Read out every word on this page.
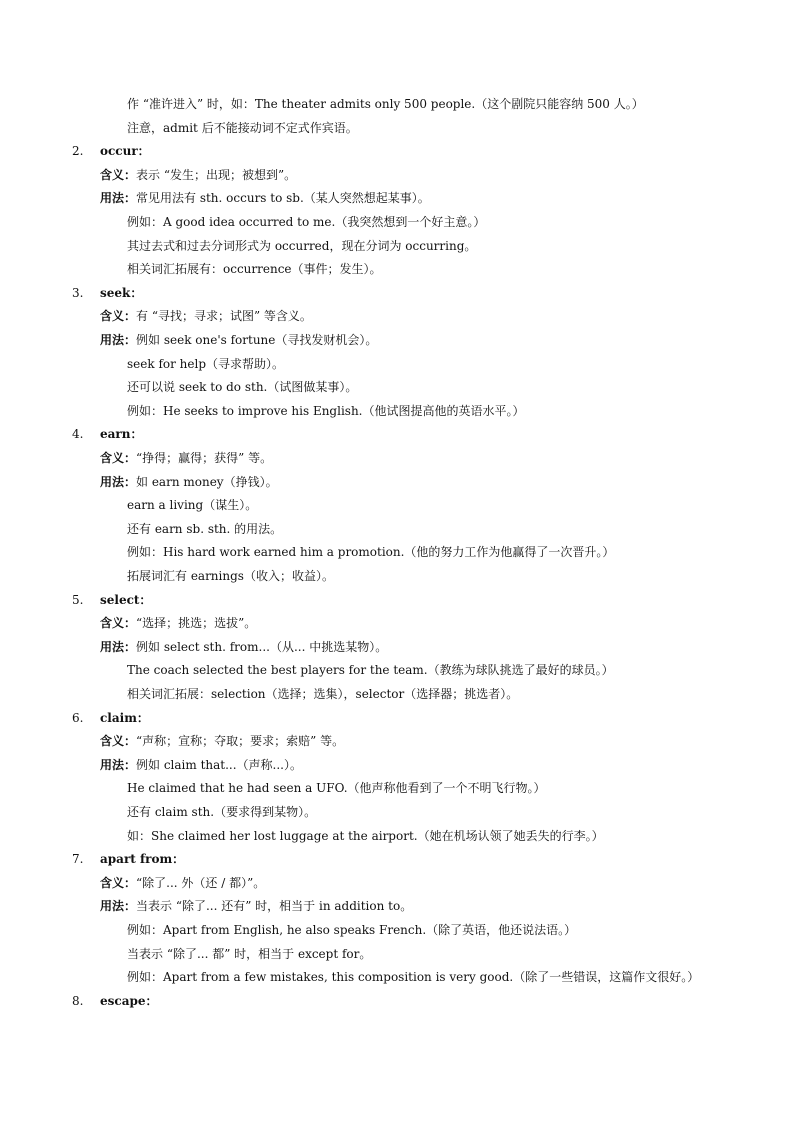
作 “准许进入” 时，如：The theater admits only 500 people.（这个剧院只能容纳 500 人。）
注意，admit 后不能接动词不定式作宾语。
2. occur：
含义：表示 “发生；出现；被想到”。
用法：常见用法有 sth. occurs to sb.（某人突然想起某事）。
例如：A good idea occurred to me.（我突然想到一个好主意。）
其过去式和过去分词形式为 occurred，现在分词为 occurring。
相关词汇拓展有：occurrence（事件；发生）。
3. seek：
含义：有 “寻找；寻求；试图” 等含义。
用法：例如 seek one's fortune（寻找发财机会）。
seek for help（寻求帮助）。
还可以说 seek to do sth.（试图做某事）。
例如：He seeks to improve his English.（他试图提高他的英语水平。）
4. earn：
含义：“挣得；赢得；获得” 等。
用法：如 earn money（挣钱）。
earn a living（谋生）。
还有 earn sb. sth. 的用法。
例如：His hard work earned him a promotion.（他的努力工作为他赢得了一次晋升。）
拓展词汇有 earnings（收入；收益）。
5. select：
含义：“选择；挑选；选拔”。
用法：例如 select sth. from...（从... 中挑选某物）。
The coach selected the best players for the team.（教练为球队挑选了最好的球员。）
相关词汇拓展：selection（选择；选集），selector（选择器；挑选者）。
6. claim：
含义：“声称；宣称；夺取；要求；索赔” 等。
用法：例如 claim that...（声称...）。
He claimed that he had seen a UFO.（他声称他看到了一个不明飞行物。）
还有 claim sth.（要求得到某物）。
如：She claimed her lost luggage at the airport.（她在机场认领了她丢失的行李。）
7. apart from：
含义：“除了... 外（还 / 都）”。
用法：当表示 “除了... 还有” 时，相当于 in addition to。
例如：Apart from English, he also speaks French.（除了英语，他还说法语。）
当表示 “除了... 都” 时，相当于 except for。
例如：Apart from a few mistakes, this composition is very good.（除了一些错误，这篇作文很好。）
8. escape：
